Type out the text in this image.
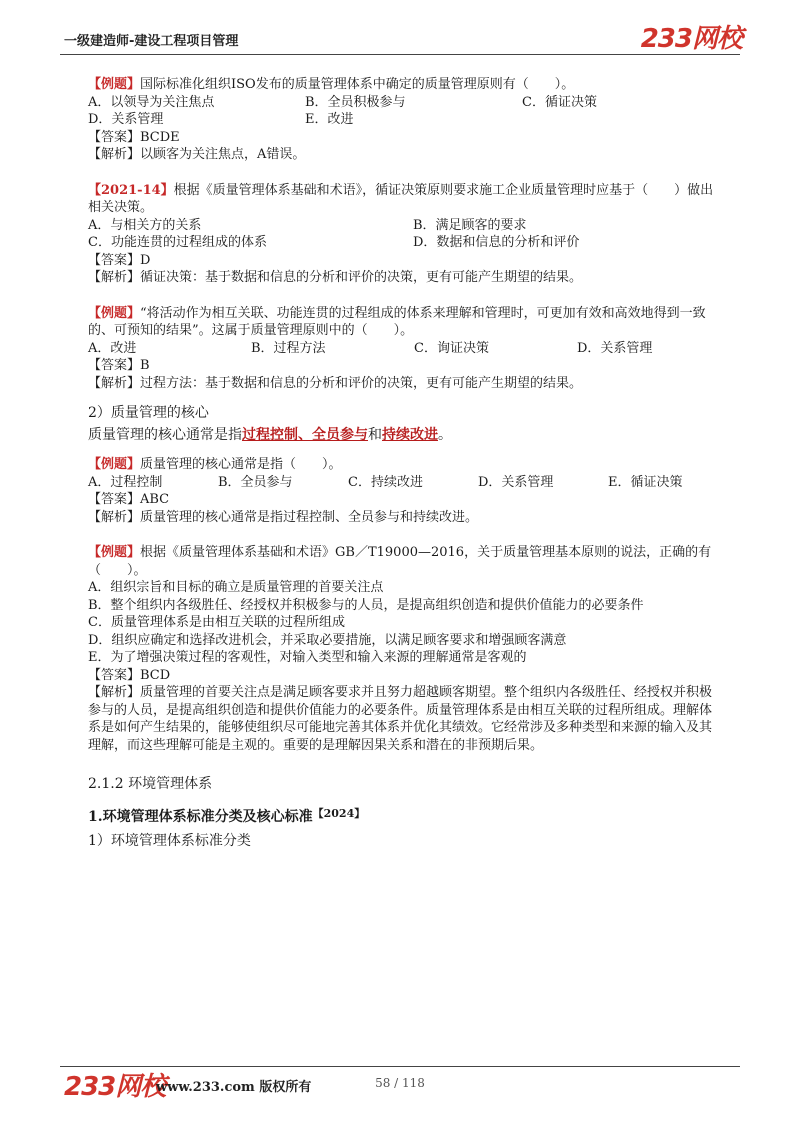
一级建造师-建设工程项目管理	233网校
【例题】国际标准化组织ISO发布的质量管理体系中确定的质量管理原则有（　　）。
A．以领导为关注焦点	B．全员积极参与	C．循证决策
D．关系管理	E．改进
【答案】BCDE
【解析】以顾客为关注焦点，A错误。
【2021-14】根据《质量管理体系基础和术语》，循证决策原则要求施工企业质量管理时应基于（　　）做出相关决策。
A．与相关方的关系	B．满足顾客的要求
C．功能连贯的过程组成的体系	D．数据和信息的分析和评价
【答案】D
【解析】循证决策：基于数据和信息的分析和评价的决策，更有可能产生期望的结果。
【例题】“将活动作为相互关联、功能连贯的过程组成的体系来理解和管理时，可更加有效和高效地得到一致的、可预知的结果”。这属于质量管理原则中的（　　）。
A．改进	B．过程方法	C．询证决策	D．关系管理
【答案】B
【解析】过程方法：基于数据和信息的分析和评价的决策，更有可能产生期望的结果。
2）质量管理的核心
质量管理的核心通常是指过程控制、全员参与和持续改进。
【例题】质量管理的核心通常是指（　　）。
A．过程控制	B．全员参与	C．持续改进	D．关系管理	E．循证决策
【答案】ABC
【解析】质量管理的核心通常是指过程控制、全员参与和持续改进。
【例题】根据《质量管理体系基础和术语》GB／T19000—2016，关于质量管理基本原则的说法，正确的有（　　）。
A．组织宗旨和目标的确立是质量管理的首要关注点
B．整个组织内各级胜任、经授权并积极参与的人员，是提高组织创造和提供价值能力的必要条件
C．质量管理体系是由相互关联的过程所组成
D．组织应确定和选择改进机会，并采取必要措施，以满足顾客要求和增强顾客满意
E．为了增强决策过程的客观性，对输入类型和输入来源的理解通常是客观的
【答案】BCD
【解析】质量管理的首要关注点是满足顾客要求并且努力超越顾客期望。整个组织内各级胜任、经授权并积极参与的人员，是提高组织创造和提供价值能力的必要条件。质量管理体系是由相互关联的过程所组成。理解体系是如何产生结果的，能够使组织尽可能地完善其体系并优化其绩效。它经常涉及多种类型和来源的输入及其理解，而这些理解可能是主观的。重要的是理解因果关系和潜在的非预期后果。
2.1.2 环境管理体系
1.环境管理体系标准分类及核心标准$^{【2024】}$
1）环境管理体系标准分类
233网校
www.233.com 版权所有	58 / 118
